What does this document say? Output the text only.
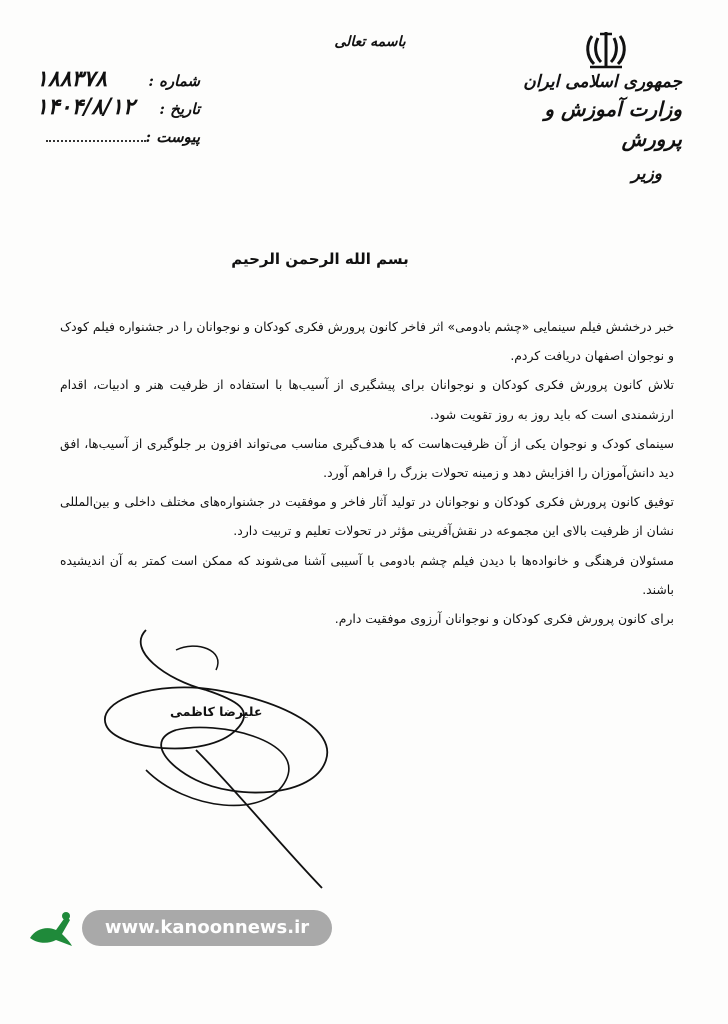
جمهوری اسلامی ایران
وزارت آموزش و پرورش
وزیر
باسمه تعالی
شماره :
۱۸۸۳۷۸
تاریخ :
۱۴۰۴/۸/۱۲
پیوست :
بسم الله الرحمن الرحیم

خبر درخشش فیلم سینمایی «چشم بادومی» اثر فاخر کانون پرورش فکری کودکان و نوجوانان را در جشنواره فیلم کودک و نوجوان اصفهان دریافت کردم.

تلاش کانون پرورش فکری کودکان و نوجوانان برای پیشگیری از آسیب‌ها با استفاده از ظرفیت هنر و ادبیات، اقدام ارزشمندی است که باید روز به روز تقویت شود.

سینمای کودک و نوجوان یکی از آن ظرفیت‌هاست که با هدف‌گیری مناسب می‌تواند افزون بر جلوگیری از آسیب‌ها، افق دید دانش‌آموزان را افزایش دهد و زمینه تحولات بزرگ را فراهم آورد.

توفیق کانون پرورش فکری کودکان و نوجوانان در تولید آثار فاخر و موفقیت در جشنواره‌های مختلف داخلی و بین‌المللی نشان از ظرفیت بالای این مجموعه در نقش‌آفرینی مؤثر در تحولات تعلیم و تربیت دارد.

مسئولان فرهنگی و خانواده‌ها با دیدن فیلم چشم بادومی با آسیبی آشنا می‌شوند که ممکن است کمتر به آن اندیشیده باشند.

برای کانون پرورش فکری کودکان و نوجوانان آرزوی موفقیت دارم.

علیرضا کاظمی
www.kanoonnews.ir
